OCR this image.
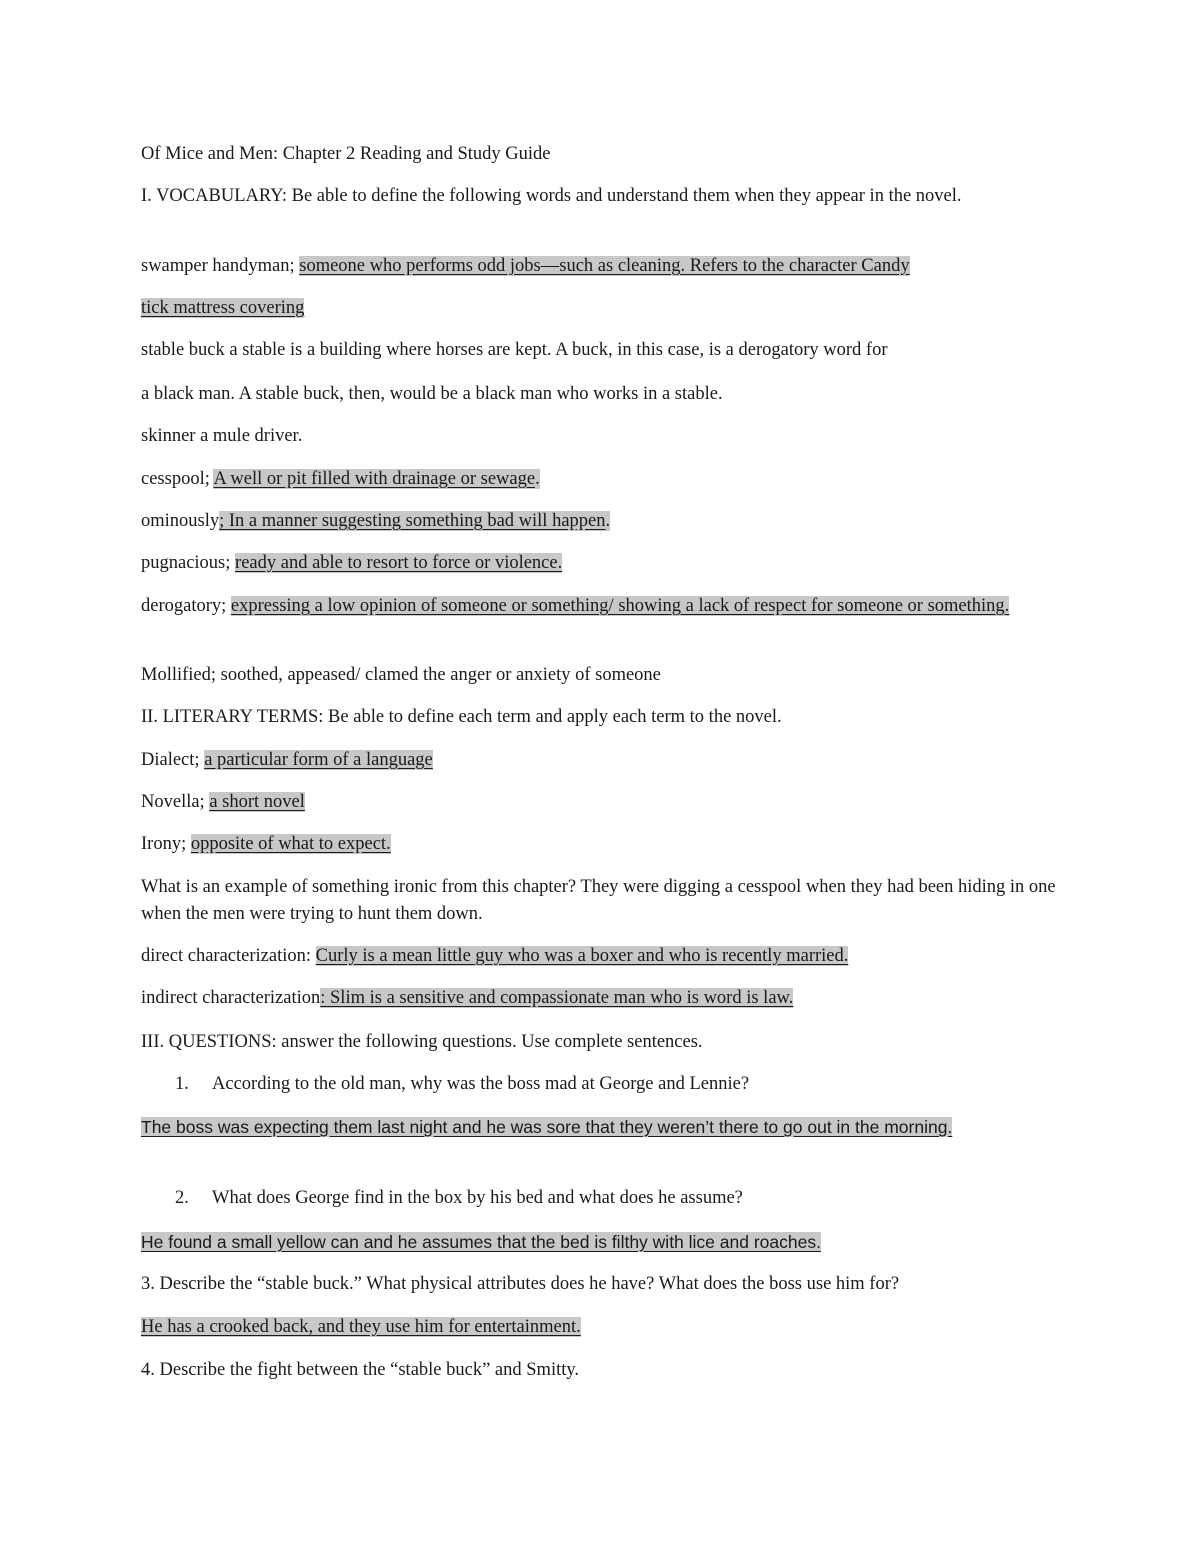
Of Mice and Men: Chapter 2 Reading and Study Guide
I. VOCABULARY: Be able to define the following words and understand them when they appear in the novel.
swamper handyman; someone who performs odd jobs—such as cleaning. Refers to the character Candy
tick mattress covering
stable buck a stable is a building where horses are kept. A buck, in this case, is a derogatory word for
a black man. A stable buck, then, would be a black man who works in a stable.
skinner a mule driver.
cesspool; A well or pit filled with drainage or sewage.
ominously; In a manner suggesting something bad will happen.
pugnacious; ready and able to resort to force or violence.
derogatory; expressing a low opinion of someone or something/ showing a lack of respect for someone or something.
Mollified; soothed, appeased/ clamed the anger or anxiety of someone
II. LITERARY TERMS: Be able to define each term and apply each term to the novel.
Dialect; a particular form of a language
Novella; a short novel
Irony; opposite of what to expect.
What is an example of something ironic from this chapter? They were digging a cesspool when they had been hiding in one when the men were trying to hunt them down.
direct characterization: Curly is a mean little guy who was a boxer and who is recently married.
indirect characterization: Slim is a sensitive and compassionate man who is word is law.
III. QUESTIONS: answer the following questions. Use complete sentences.
1. According to the old man, why was the boss mad at George and Lennie?
The boss was expecting them last night and he was sore that they weren’t there to go out in the morning.
2. What does George find in the box by his bed and what does he assume?
He found a small yellow can and he assumes that the bed is filthy with lice and roaches.
3. Describe the “stable buck.” What physical attributes does he have? What does the boss use him for?
He has a crooked back, and they use him for entertainment.
4. Describe the fight between the “stable buck” and Smitty.
